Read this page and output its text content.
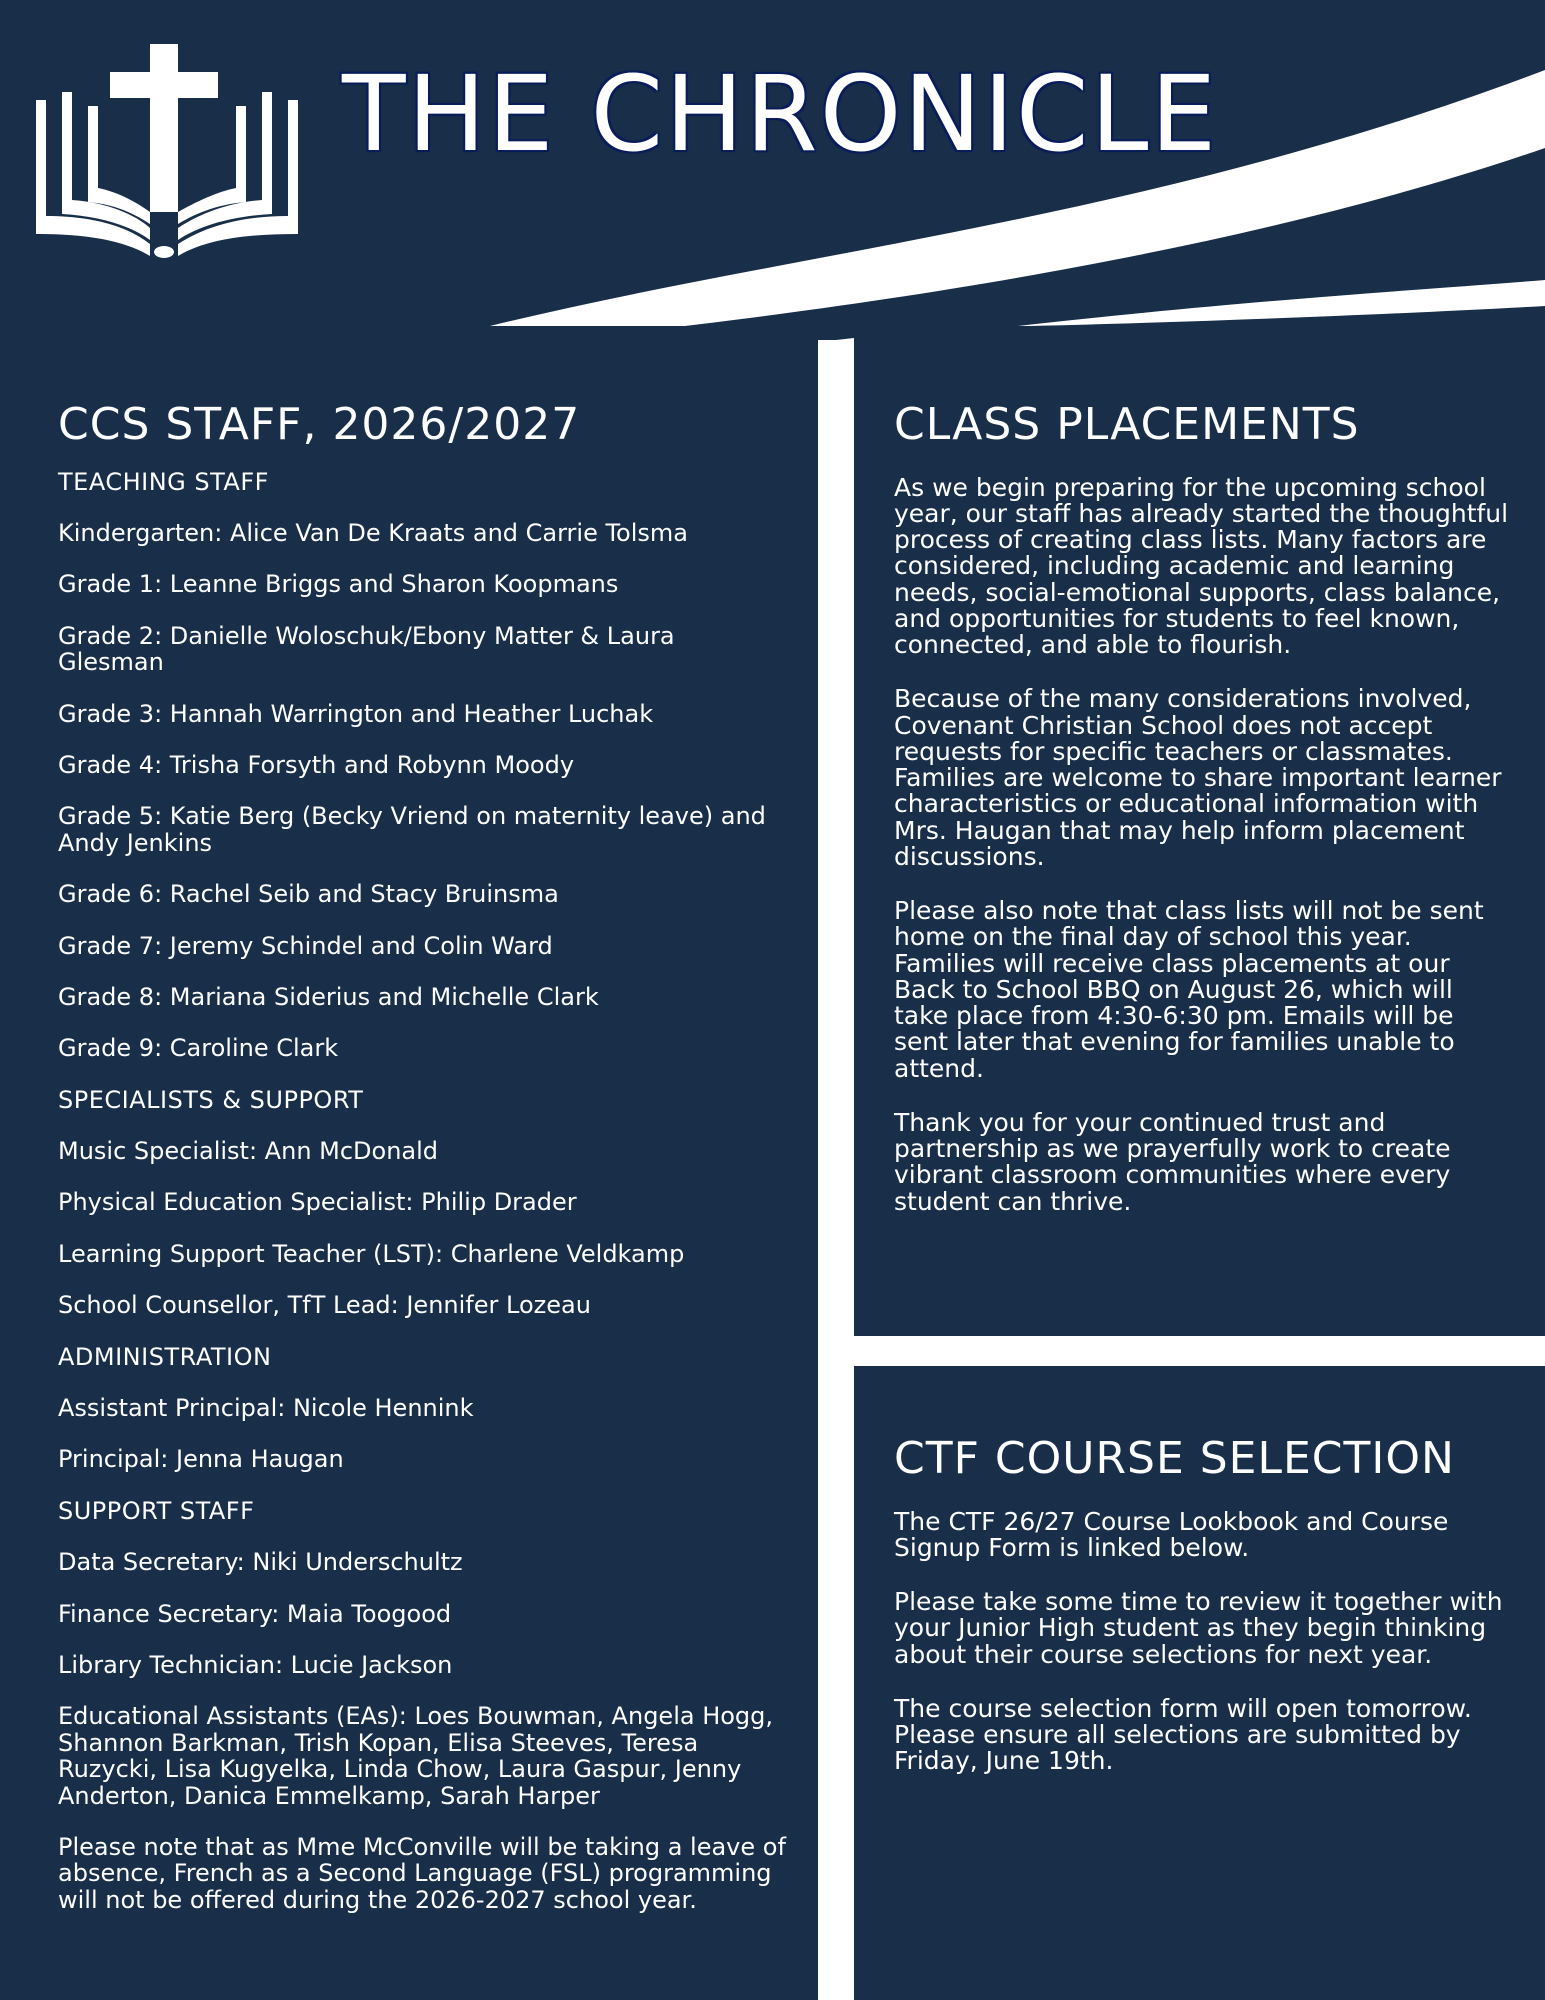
THE CHRONICLE
CCS STAFF, 2026/2027
TEACHING STAFF
Kindergarten: Alice Van De Kraats and Carrie Tolsma
Grade 1: Leanne Briggs and Sharon Koopmans
Grade 2: Danielle Woloschuk/Ebony Matter & Laura Glesman
Grade 3: Hannah Warrington and Heather Luchak
Grade 4: Trisha Forsyth and Robynn Moody
Grade 5: Katie Berg (Becky Vriend on maternity leave) and Andy Jenkins
Grade 6: Rachel Seib and Stacy Bruinsma
Grade 7: Jeremy Schindel and Colin Ward
Grade 8: Mariana Siderius and Michelle Clark
Grade 9: Caroline Clark
SPECIALISTS & SUPPORT
Music Specialist: Ann McDonald
Physical Education Specialist: Philip Drader
Learning Support Teacher (LST): Charlene Veldkamp
School Counsellor, TfT Lead: Jennifer Lozeau
ADMINISTRATION
Assistant Principal: Nicole Hennink
Principal: Jenna Haugan
SUPPORT STAFF
Data Secretary: Niki Underschultz
Finance Secretary: Maia Toogood
Library Technician: Lucie Jackson
Educational Assistants (EAs): Loes Bouwman, Angela Hogg, Shannon Barkman, Trish Kopan, Elisa Steeves, Teresa Ruzycki, Lisa Kugyelka, Linda Chow, Laura Gaspur, Jenny Anderton, Danica Emmelkamp, Sarah Harper
Please note that as Mme McConville will be taking a leave of absence, French as a Second Language (FSL) programming will not be offered during the 2026-2027 school year.
CLASS PLACEMENTS
As we begin preparing for the upcoming school year, our staff has already started the thoughtful process of creating class lists. Many factors are considered, including academic and learning needs, social-emotional supports, class balance, and opportunities for students to feel known, connected, and able to flourish.
Because of the many considerations involved, Covenant Christian School does not accept requests for specific teachers or classmates. Families are welcome to share important learner characteristics or educational information with Mrs. Haugan that may help inform placement discussions.
Please also note that class lists will not be sent home on the final day of school this year. Families will receive class placements at our Back to School BBQ on August 26, which will take place from 4:30-6:30 pm. Emails will be sent later that evening for families unable to attend.
Thank you for your continued trust and partnership as we prayerfully work to create vibrant classroom communities where every student can thrive.
CTF COURSE SELECTION
The CTF 26/27 Course Lookbook and Course Signup Form is linked below.
Please take some time to review it together with your Junior High student as they begin thinking about their course selections for next year.
The course selection form will open tomorrow. Please ensure all selections are submitted by Friday, June 19th.
